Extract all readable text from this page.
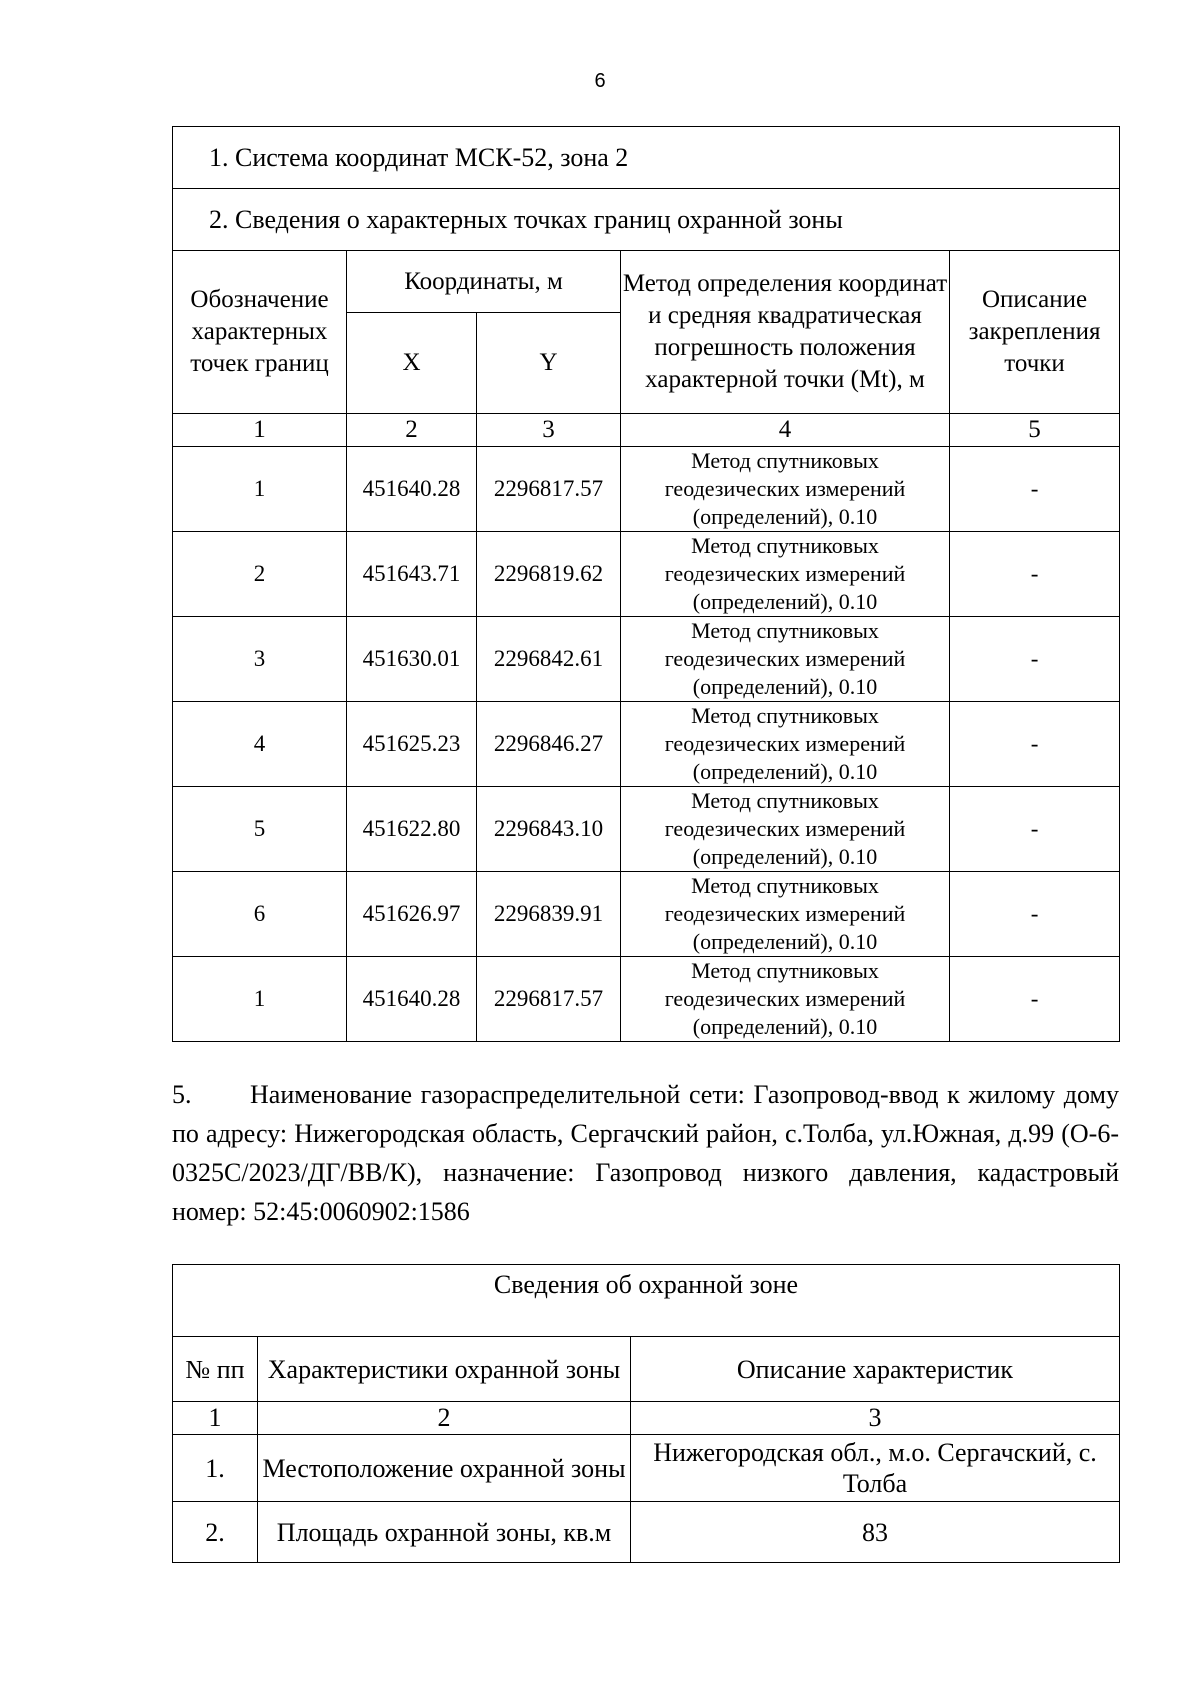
6
1. Система координат МСК-52, зона 2				
2. Сведения о характерных точках границ охранной зоны				
Обозначение характерных точек границ	Координаты, м		Метод определения координат и средняя квадратическая погрешность положения характерной точки (Mt), м	Описание закрепления точки
	X	Y		
1	2	3	4	5
1	451640.28	2296817.57	Метод спутниковых геодезических измерений (определений), 0.10	-
2	451643.71	2296819.62	Метод спутниковых геодезических измерений (определений), 0.10	-
3	451630.01	2296842.61	Метод спутниковых геодезических измерений (определений), 0.10	-
4	451625.23	2296846.27	Метод спутниковых геодезических измерений (определений), 0.10	-
5	451622.80	2296843.10	Метод спутниковых геодезических измерений (определений), 0.10	-
6	451626.97	2296839.91	Метод спутниковых геодезических измерений (определений), 0.10	-
1	451640.28	2296817.57	Метод спутниковых геодезических измерений (определений), 0.10	-
5. Наименование газораспределительной сети: Газопровод-ввод к жилому дому по адресу: Нижегородская область, Сергачский район, с.Толба, ул.Южная, д.99 (О-6-0325С/2023/ДГ/ВВ/К), назначение: Газопровод низкого давления, кадастровый номер: 52:45:0060902:1586
Сведения об охранной зоне		
№ пп	Характеристики охранной зоны	Описание характеристик
1	2	3
1.	Местоположение охранной зоны	Нижегородская обл., м.о. Сергачский, с. Толба
2.	Площадь охранной зоны, кв.м	83
